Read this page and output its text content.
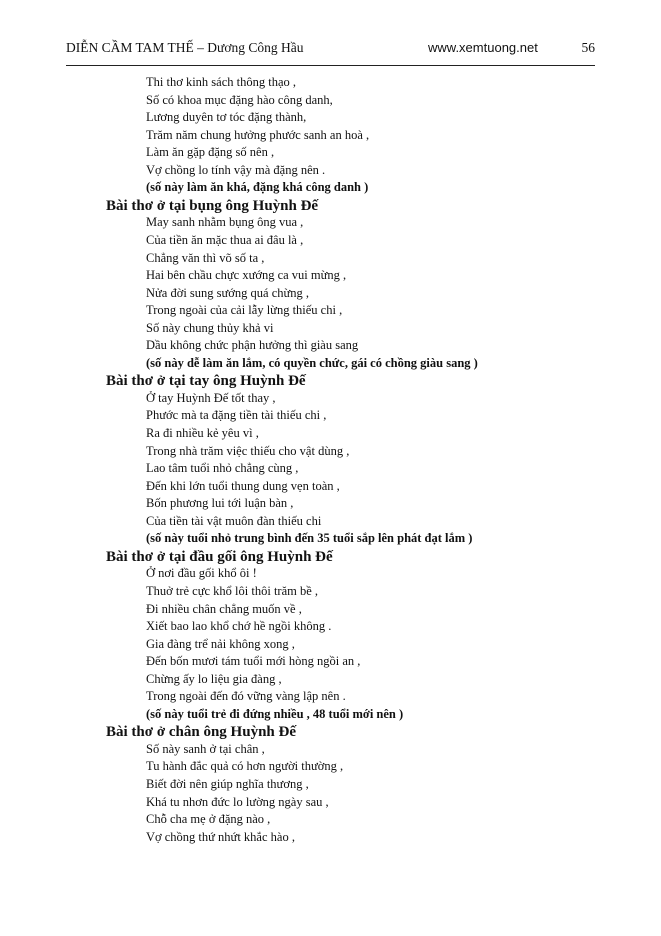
DIỄN CẦM TAM THẾ – Dương Công Hầu	www.xemtuong.net	56
Thi thơ kinh sách thông thạo ,
Số có khoa mục đặng hào công danh,
Lương duyên tơ tóc đặng thành,
Trăm năm chung hưởng phước sanh an hoà ,
Làm ăn gặp đặng số nên ,
Vợ chồng lo tính vậy mà đặng nên .
(số này làm ăn khá, đặng khá công danh )
Bài thơ ở tại bụng ông Huỳnh Đế
May sanh nhằm bụng ông vua ,
Của tiền ăn mặc thua ai đâu là ,
Chẳng văn thì võ số ta ,
Hai bên chầu chực xướng ca vui mừng ,
Nửa đời sung sướng quá chừng ,
Trong ngoài của cải lẫy lừng thiếu chi ,
Số này chung thủy khả vi
Dầu không chức phận hưởng thì giàu sang
(số này dễ làm ăn lắm, có quyền chức, gái có chồng giàu sang )
Bài thơ ở tại tay ông Huỳnh Đế
Ở tay Huỳnh Đế tốt thay ,
Phước mà ta đặng tiền tài thiếu chi ,
Ra đi nhiều kẻ yêu vì ,
Trong nhà trăm việc thiếu cho vật dùng ,
Lao tâm tuổi nhỏ chẳng cùng ,
Đến khi lớn tuổi thung dung vẹn toàn ,
Bốn phương lui tới luận bàn ,
Của tiền tài vật muôn đàn thiếu chi
(số này tuổi nhỏ trung bình đến 35 tuổi sắp lên phát đạt lắm )
Bài thơ ở tại đầu gối ông Huỳnh Đế
Ở nơi đầu gối khổ ôi !
Thuở trẻ cực khổ lôi thôi trăm bề ,
Đi nhiều chân chẳng muốn về ,
Xiết bao lao khổ chớ hề ngồi không .
Gia đàng trể nải không xong ,
Đến bốn mươi tám tuổi mới hòng ngồi an ,
Chừng ấy lo liệu gia đàng ,
Trong ngoài đến đó vững vàng lập nên .
(số này tuổi trẻ đi đứng nhiều , 48 tuổi mới nên )
Bài thơ ở chân ông Huỳnh Đế
Số này sanh ở tại chân ,
Tu hành đắc quả có hơn người thường ,
Biết đời nên giúp nghĩa thương ,
Khá tu nhơn đức lo lường ngày sau ,
Chỗ cha mẹ ở đặng nào ,
Vợ chồng thứ nhứt khắc hào ,
